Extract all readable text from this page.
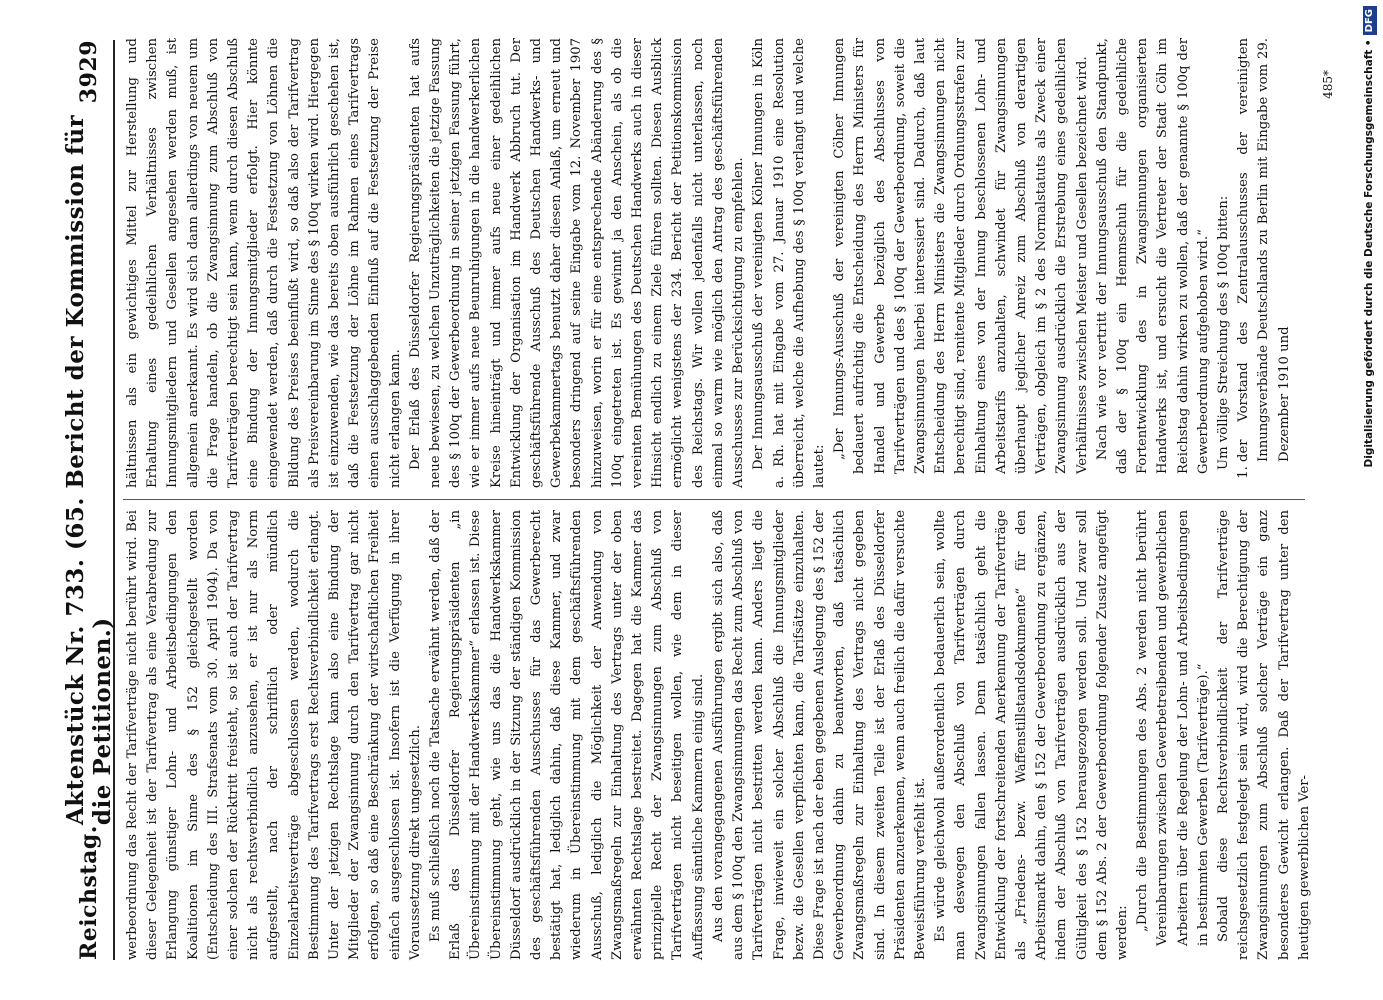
Reichstag.
Aktenstück Nr. 733. (65. Bericht der Kommission für die Petitionen.)
3929

werbeordnung das Recht der Tarifverträge nicht berührt wird. Bei dieser Gelegenheit ist der Tarifvertrag als eine Verabredung zur Erlangung günstiger Lohn- und Arbeitsbedingungen den Koalitionen im Sinne des § 152 gleichgestellt worden (Entscheidung des III. Strafsenats vom 30. April 1904). Da von einer solchen der Rücktritt freisteht, so ist auch der Tarifvertrag nicht als rechtsverbindlich anzusehen, er ist nur als Norm aufgestellt, nach der schriftlich oder mündlich Einzelarbeitsverträge abgeschlossen werden, wodurch die Bestimmung des Tarifvertrags erst Rechtsverbindlichkeit erlangt. Unter der jetzigen Rechtslage kann also eine Bindung der Mitglieder der Zwangsinnung durch den Tarifvertrag gar nicht erfolgen, so daß eine Beschränkung der wirtschaftlichen Freiheit einfach ausgeschlossen ist. Insofern ist die Verfügung in ihrer Voraussetzung direkt ungesetzlich. Es muß schließlich noch die Tatsache erwähnt werden, daß der Erlaß des Düsseldorfer Regierungspräsidenten „in Übereinstimmung mit der Handwerkskammer“ erlassen ist. Diese Übereinstimmung geht, wie uns das die Handwerkskammer Düsseldorf ausdrücklich in der Sitzung der ständigen Kommission des geschäftsführenden Ausschusses für das Gewerberecht bestätigt hat, lediglich dahin, daß diese Kammer, und zwar wiederum in Übereinstimmung mit dem geschäftsführenden Ausschuß, lediglich die Möglichkeit der Anwendung von Zwangsmaßregeln zur Einhaltung des Vertrags unter der oben erwähnten Rechtslage bestreitet. Dagegen hat die Kammer das prinzipielle Recht der Zwangsinnungen zum Abschluß von Tarifverträgen nicht beseitigen wollen, wie dem in dieser Auffassung sämtliche Kammern einig sind. Aus den vorangegangenen Ausführungen ergibt sich also, daß aus dem § 100q den Zwangsinnungen das Recht zum Abschluß von Tarifverträgen nicht bestritten werden kann. Anders liegt die Frage, inwieweit ein solcher Abschluß die Innungsmitglieder bezw. die Gesellen verpflichten kann, die Tarifsätze einzuhalten. Diese Frage ist nach der eben gegebenen Auslegung des § 152 der Gewerbeordnung dahin zu beantworten, daß tatsächlich Zwangsmaßregeln zur Einhaltung des Vertrags nicht gegeben sind. In diesem zweiten Teile ist der Erlaß des Düsseldorfer Präsidenten anzuerkennen, wenn auch freilich die dafür versuchte Beweisführung verfehlt ist. Es würde gleichwohl außerordentlich bedauerlich sein, wollte man deswegen den Abschluß von Tarifverträgen durch Zwangsinnungen fallen lassen. Denn tatsächlich geht die Entwicklung der fortschreitenden Anerkennung der Tarifverträge als „Friedens- bezw. Waffenstillstandsdokumente“ für den Arbeitsmarkt dahin, den § 152 der Gewerbeordnung zu ergänzen, indem der Abschluß von Tarifverträgen ausdrücklich aus der Gültigkeit des § 152 herausgezogen werden soll. Und zwar soll dem § 152 Abs. 2 der Gewerbeordnung folgender Zusatz angefügt werden:

„Durch die Bestimmungen des Abs. 2 werden nicht berührt Vereinbarungen zwischen Gewerbetreibenden und gewerblichen Arbeitern über die Regelung der Lohn- und Arbeitsbedingungen in bestimmten Gewerben (Tarifverträge).“ Sobald diese Rechtsverbindlichkeit der Tarifverträge reichsgesetzlich festgelegt sein wird, wird die Berechtigung der Zwangsinnungen zum Abschluß solcher Verträge ein ganz besonderes Gewicht erlangen. Daß der Tarifvertrag unter den heutigen gewerblichen Ver-

hältnissen als ein gewichtiges Mittel zur Herstellung und Erhaltung eines gedeihlichen Verhältnisses zwischen Innungsmitgliedern und Gesellen angesehen werden muß, ist allgemein anerkannt. Es wird sich dann allerdings von neuem um die Frage handeln, ob die Zwangsinnung zum Abschluß von Tarifverträgen berechtigt sein kann, wenn durch diesen Abschluß eine Bindung der Innungsmitglieder erfolgt. Hier könnte eingewendet werden, daß durch die Festsetzung von Löhnen die Bildung des Preises beeinflußt wird, so daß also der Tarifvertrag als Preisvereinbarung im Sinne des § 100q wirken wird. Hiergegen ist einzuwenden, wie das bereits oben ausführlich geschehen ist, daß die Festsetzung der Löhne im Rahmen eines Tarifvertrags einen ausschlaggebenden Einfluß auf die Festsetzung der Preise nicht erlangen kann. Der Erlaß des Düsseldorfer Regierungspräsidenten hat aufs neue bewiesen, zu welchen Unzuträglichkeiten die jetzige Fassung des § 100q der Gewerbeordnung in seiner jetzigen Fassung führt, wie er immer aufs neue Beunruhigungen in die handwerkerlichen Kreise hineinträgt und immer aufs neue einer gedeihlichen Entwicklung der Organisation im Handwerk Abbruch tut. Der geschäftsführende Ausschuß des Deutschen Handwerks- und Gewerbekammertags benutzt daher diesen Anlaß, um erneut und besonders dringend auf seine Eingabe vom 12. November 1907 hinzuweisen, worin er für eine entsprechende Abänderung des § 100q eingetreten ist. Es gewinnt ja den Anschein, als ob die vereinten Bemühungen des Deutschen Handwerks auch in dieser Hinsicht endlich zu einem Ziele führen sollten. Diesen Ausblick ermöglicht wenigstens der 234. Bericht der Petitionskommission des Reichstags. Wir wollen jedenfalls nicht unterlassen, noch einmal so warm wie möglich den Antrag des geschäftsführenden Ausschusses zur Berücksichtigung zu empfehlen. Der Innungsausschuß der vereinigten Kölner Innungen in Köln a. Rh. hat mit Eingabe vom 27. Januar 1910 eine Resolution überreicht, welche die Aufhebung des § 100q verlangt und welche lautet:

„Der Innungs-Ausschuß der vereinigten Cölner Innungen bedauert aufrichtig die Entscheidung des Herrn Ministers für Handel und Gewerbe bezüglich des Abschlusses von Tarifverträgen und des § 100q der Gewerbeordnung, soweit die Zwangsinnungen hierbei interessiert sind. Dadurch, daß laut Entscheidung des Herrn Ministers die Zwangsinnungen nicht berechtigt sind, renitente Mitglieder durch Ordnungsstrafen zur Einhaltung eines von der Innung beschlossenen Lohn- und Arbeitstarifs anzuhalten, schwindet für Zwangsinnungen überhaupt jeglicher Anreiz zum Abschluß von derartigen Verträgen, obgleich im § 2 des Normalstatuts als Zweck einer Zwangsinnung ausdrücklich die Erstrebung eines gedeihlichen Verhältnisses zwischen Meister und Gesellen bezeichnet wird. Nach wie vor vertritt der Innungsausschuß den Standpunkt, daß der § 100q ein Hemmschuh für die gedeihliche Fortentwicklung des in Zwangsinnungen organisierten Handwerks ist, und ersucht die Vertreter der Stadt Cöln im Reichstag dahin wirken zu wollen, daß der genannte § 100q der Gewerbeordnung aufgehoben wird.“ Um völlige Streichung des § 100q bitten:

1. der Vorstand des Zentralausschusses der vereinigten Innungsverbände Deutschlands zu Berlin mit Eingabe vom 29. Dezember 1910 und
485*	Digitalisierung gefördert durch die Deutsche Forschungsgemeinschaft •DFG
